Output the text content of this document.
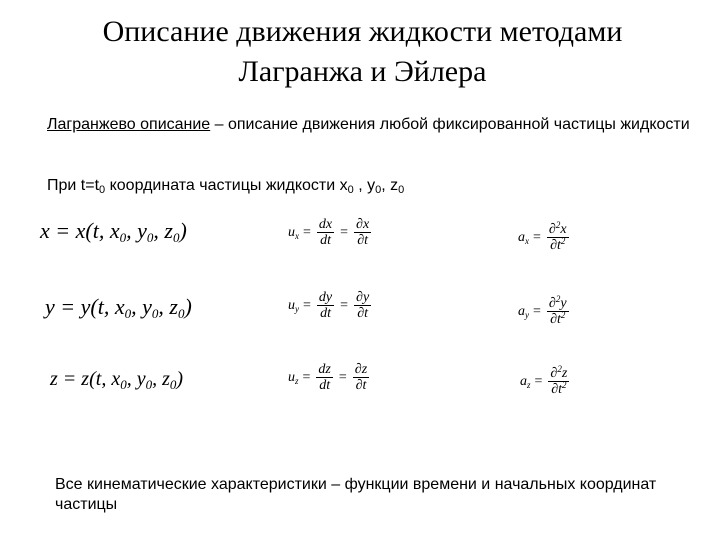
Описание движения жидкости методами
Лагранжа и Эйлера
Лагранжево описание – описание движения любой фиксированной частицы жидкости
При $t=t_0$ координата частицы жидкости $x_0$ , $y_0$, $z_0$
x = x(t, $x_0$, $y_0$, $z_0$)
y = y(t, $x_0$, $y_0$, $z_0$)
z = z(t, $x_0$, $y_0$, $z_0$)
$u_x = \frac{dx}{dt} = \frac{\partial x}{\partial t}$
$u_y = \frac{dy}{dt} = \frac{\partial y}{\partial t}$
$u_z = \frac{dz}{dt} = \frac{\partial z}{\partial t}$
$a_x = \frac{\partial^2x}{\partial t^2}$
$a_y = \frac{\partial^2y}{\partial t^2}$
$a_z = \frac{\partial^2z}{\partial t^2}$
Все кинематические характеристики – функции времени и начальных координат частицы
